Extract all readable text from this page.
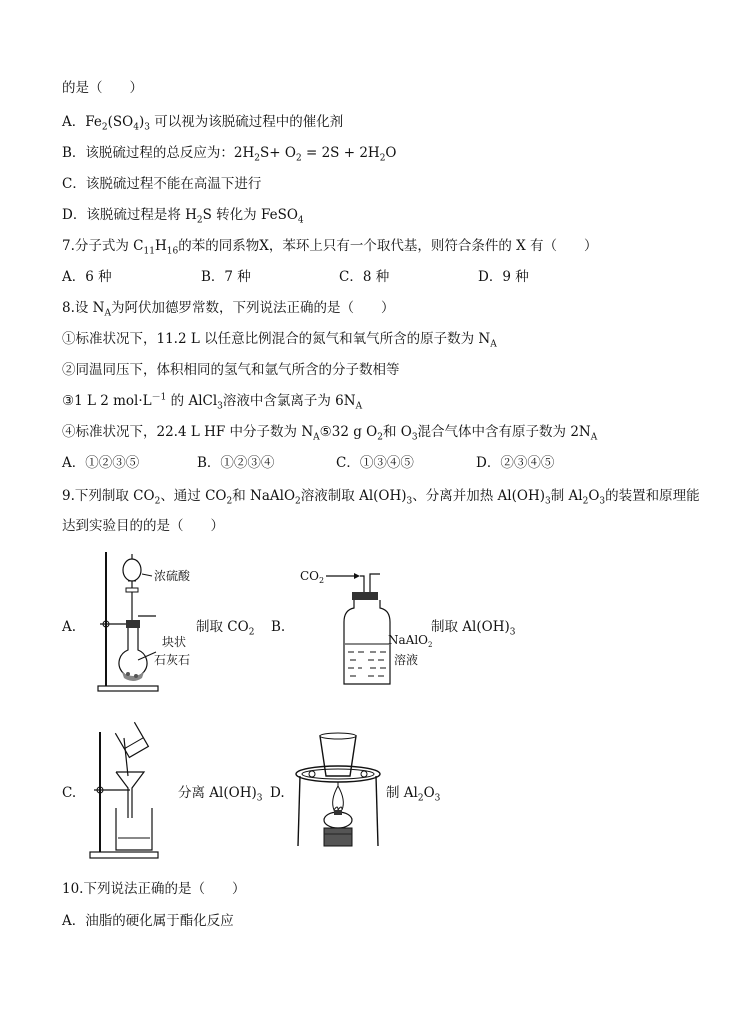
的是（　　）
A．$Fe_2(SO_4)_3$ 可以视为该脱硫过程中的催化剂
B．该脱硫过程的总反应为：$2H_2S+ O_2 = 2S + 2H_2O$
C．该脱硫过程不能在高温下进行
D．该脱硫过程是将 $H_2S$ 转化为 FeSO$_4$
7.分子式为 $C_{11}H_{16}$的苯的同系物X，苯环上只有一个取代基，则符合条件的 X 有（　　）
A．6 种	B．7 种	C．8 种	D．9 种
8.设 $N_A$为阿伏加德罗常数，下列说法正确的是（　　）
①标准状况下，11.2 L 以任意比例混合的氮气和氧气所含的原子数为 $N_A$
②同温同压下，体积相同的氢气和氩气所含的分子数相等
③1 L 2 $mol\cdot L^{-1}$ 的 AlCl$_3$溶液中含氯离子为 $6N_A$
④标准状况下，22.4 L HF 中分子数为 $N_A⑤32$ g $O_2$和 $O_3$混合气体中含有原子数为 $2N_A$
A．①②③⑤	B．①②③④	C．①③④⑤	D．②③④⑤
9.下列制取 $CO_2$、通过 $CO_2$和 NaAlO$_2$溶液制取 $Al(OH)_3$、分离并加热 $Al(OH)_3$制 $Al_2O_3$的装置和原理能
达到实验目的的是（　　）
A.	制取 $CO_2$ B.	制取 $Al(OH)_3$
C.	分离 $Al(OH)_3$ D.	制 $Al_2O_3$
浓硫酸
块状
石灰石
$CO_2$
NaAlO$_2$
溶液
10.下列说法正确的是（　　）
A．油脂的硬化属于酯化反应
